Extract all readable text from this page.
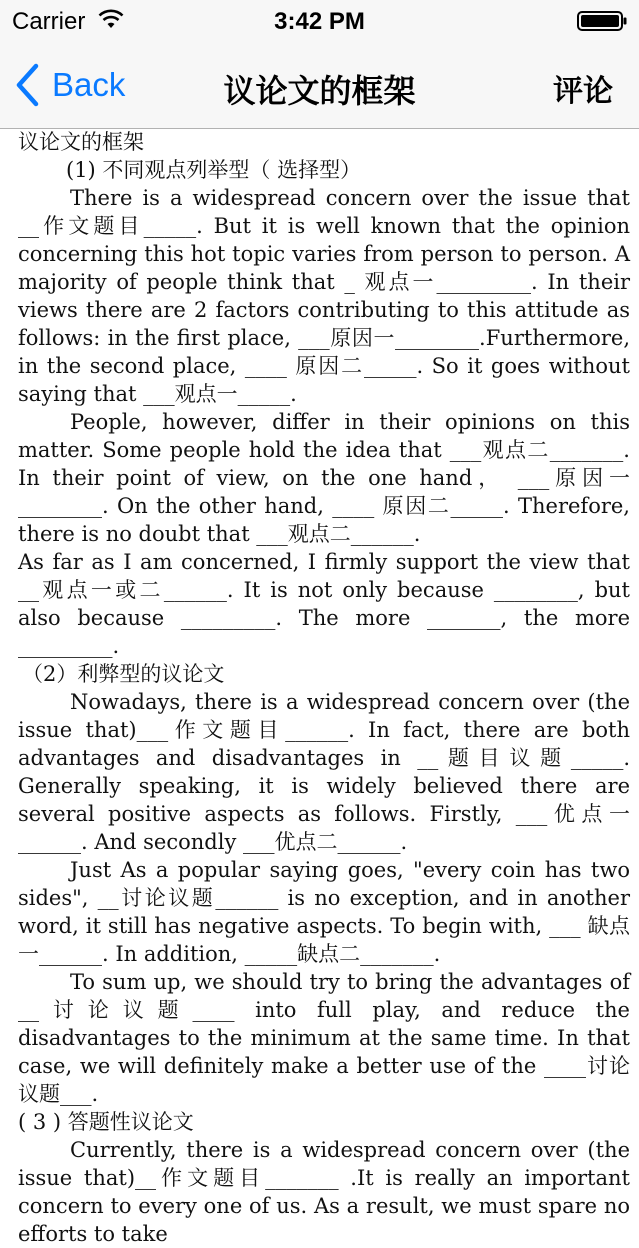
Carrier	3:42 PM
Back	议论文的框架	评论

议论文的框架

(1) 不同观点列举型（ 选择型）

There is a widespread concern over the issue that __作文题目_____. But it is well known that the opinion concerning this hot topic varies from person to person. A majority of people think that _ 观点一_________. In their views there are 2 factors contributing to this attitude as follows: in the first place, ___原因一________.Furthermore, in the second place, ____ 原因二_____. So it goes without saying that ___观点一_____.

People, however, differ in their opinions on this matter. Some people hold the idea that ___观点二_______. In their point of view, on the one hand， ___原因一________. On the other hand, ____ 原因二_____. Therefore, there is no doubt that ___观点二______.

As far as I am concerned, I firmly support the view that __观点一或二______. It is not only because ________, but also because _________. The more _______, the more _________.

（2）利弊型的议论文

Nowadays, there is a widespread concern over (the issue that)___作文题目______. In fact, there are both advantages and disadvantages in __题目议题_____. Generally speaking, it is widely believed there are several positive aspects as follows. Firstly, ___优点一______. And secondly ___优点二______.

Just As a popular saying goes, "every coin has two sides", __讨论议题______ is no exception, and in another word, it still has negative aspects. To begin with, ___ 缺点一______. In addition, _____缺点二_______.

To sum up, we should try to bring the advantages of __讨论议题____ into full play, and reduce the disadvantages to the minimum at the same time. In that case, we will definitely make a better use of the ____讨论议题___.

( 3 ) 答题性议论文

Currently, there is a widespread concern over (the issue that)__作文题目_______ .It is really an important concern to every one of us. As a result, we must spare no efforts to take
